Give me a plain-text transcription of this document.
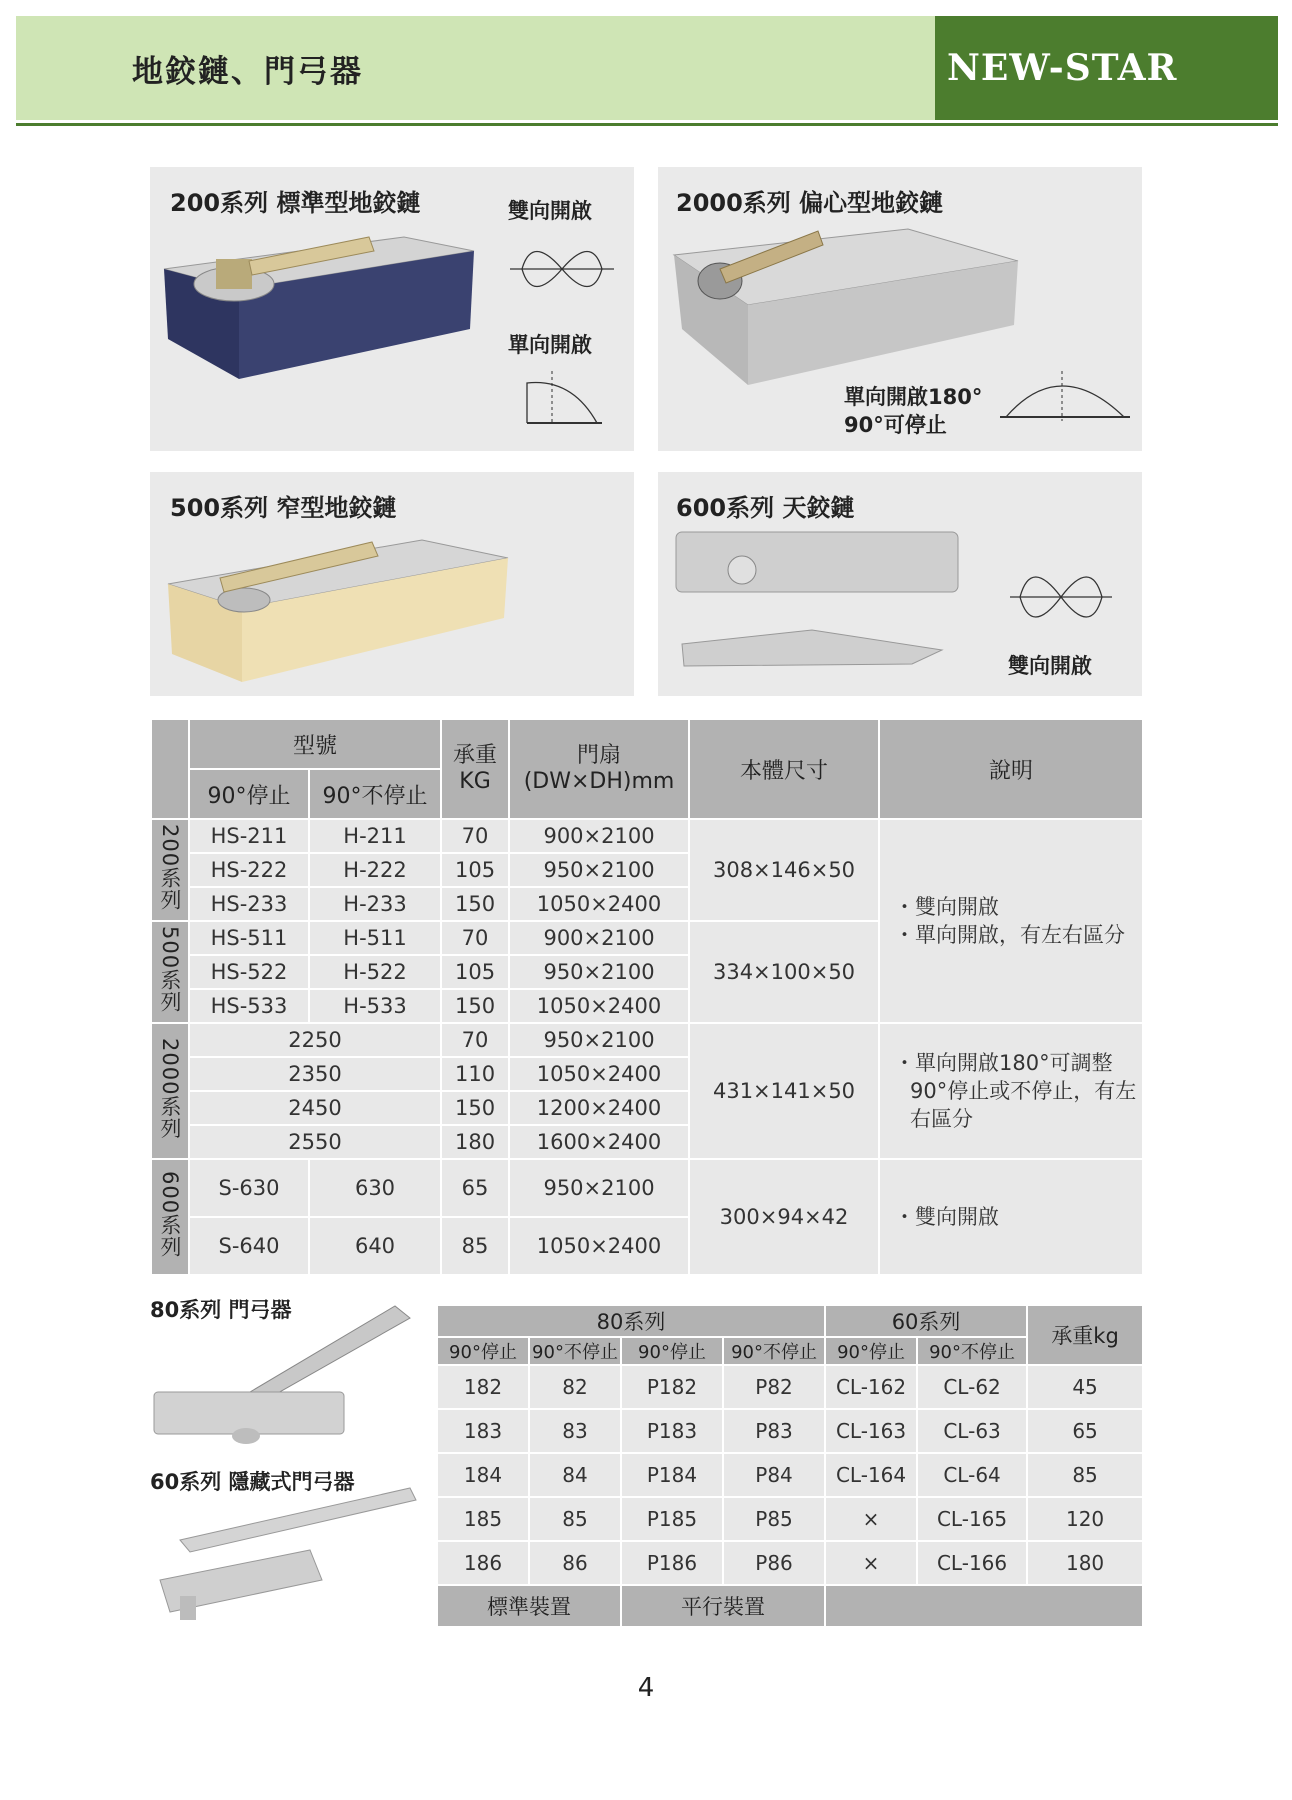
地鉸鏈、門弓器	NEW-STAR
200系列 標準型地鉸鏈	雙向開啟
單向開啟
2000系列 偏心型地鉸鏈
單向開啟180°
90°可停止
500系列 窄型地鉸鏈	600系列 天鉸鏈
雙向開啟
	型號		承重KG	門扇(DW×DH)mm	本體尺寸	說明
	90°停止	90°不停止				
200系列	HS-211	H-211	70	900×2100	308×146×50	・雙向開啟
・單向開啟，有左右區分

	HS-222	H-222	105	950×2100		
	HS-233	H-233	150	1050×2400		
500系列	HS-511	H-511	70	900×2100	334×100×50	
	HS-522	H-522	105	950×2100		
	HS-533	H-533	150	1050×2400		
2000系列	2250		70	950×2100	431×141×50	・單向開啟180°可調整90°停止或不停止，有左右區分

	2350		110	1050×2400		
	2450		150	1200×2400		
	2550		180	1600×2400		
600系列	S-630	630	65	950×2100	300×94×42	・雙向開啟

	S-640	640	85	1050×2400		
80系列 門弓器
60系列 隱藏式門弓器
80系列				60系列		承重kg
90°停止	90°不停止	90°停止	90°不停止	90°停止	90°不停止	
182	82	P182	P82	CL-162	CL-62	45
183	83	P183	P83	CL-163	CL-63	65
184	84	P184	P84	CL-164	CL-64	85
185	85	P185	P85	×	CL-165	120
186	86	P186	P86	×	CL-166	180
標準裝置		平行裝置				
4
